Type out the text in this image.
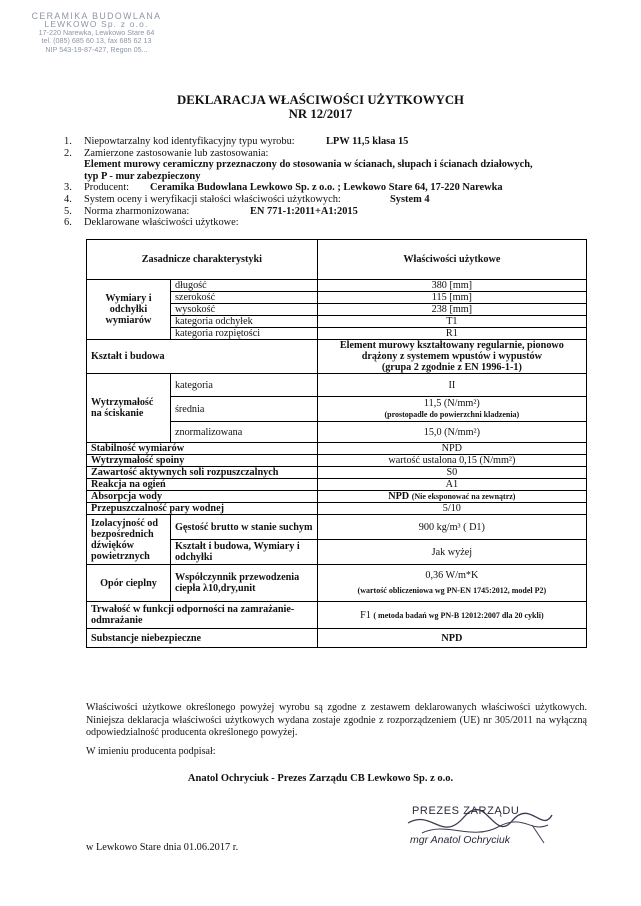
CERAMIKA BUDOWLANA
LEWKOWO Sp. z o.o.
17-220 Narewka, Lewkowo Stare 64
tel. (085) 685 60 13, fax 685 62 13
NIP 543-19-87-427, Regon 05...
DEKLARACJA WŁAŚCIWOŚCI UŻYTKOWYCH
NR 12/2017
1. Niepowtarzalny kod identyfikacyjny typu wyrobu:	LPW 11,5 klasa 15
2. Zamierzone zastosowanie lub zastosowania:
Element murowy ceramiczny przeznaczony do stosowania w ścianach, słupach i ścianach działowych,
typ P - mur zabezpieczony
3. Producent: Ceramika Budowlana Lewkowo Sp. z o.o. ; Lewkowo Stare 64, 17-220 Narewka
4. System oceny i weryfikacji stałości właściwości użytkowych:	System 4
5. Norma zharmonizowana:	EN 771-1:2011+A1:2015
6. Deklarowane właściwości użytkowe:
Zasadnicze charakterystyki		Właściwości użytkowe
Wymiary i odchyłki wymiarów	długość	380 [mm]
	szerokość	115 [mm]
	wysokość	238 [mm]
	kategoria odchyłek	T1
	kategoria rozpiętości	R1
Kształt i budowa		Element murowy kształtowany regularnie, pionowo
drążony z systemem wpustów i wypustów
(grupa 2 zgodnie z EN 1996-1-1)

Wytrzymałość na ściskanie	kategoria	II
	średnia	11,5 (N/mm²)
(prostopadle do powierzchni kladzenia)

	znormalizowana	15,0 (N/mm²)
Stabilność wymiarów		NPD
Wytrzymałość spoiny		wartość ustalona 0,15 (N/mm²)
Zawartość aktywnych soli rozpuszczalnych		S0
Reakcja na ogień		A1
Absorpcja wody		NPD (Nie eksponować na zewnątrz)
Przepuszczalność pary wodnej		5/10
Izolacyjność od bezpośrednich dźwięków powietrznych	Gęstość brutto w stanie suchym	900 kg/m³ ( D1)
	Kształt i budowa, Wymiary i odchyłki	Jak wyżej
Opór cieplny	Współczynnik przewodzenia ciepła λ10,dry,unit	0,36 W/m*K
(wartość obliczeniowa wg PN-EN 1745:2012, model P2)

Trwałość w funkcji odporności na zamrażanie-odmrażanie		F1 ( metoda badań wg PN-B 12012:2007 dla 20 cykli)
Substancje niebezpieczne		NPD
Właściwości użytkowe określonego powyżej wyrobu są zgodne z zestawem deklarowanych właściwości użytkowych. Niniejsza deklaracja właściwości użytkowych wydana zostaje zgodnie z rozporządzeniem (UE) nr 305/2011 na wyłączną odpowiedzialność producenta określonego powyżej.
W imieniu producenta podpisał:
Anatol Ochryciuk - Prezes Zarządu CB Lewkowo Sp. z o.o.
PREZES ZARZĄDU
mgr Anatol Ochryciuk
w Lewkowo Stare dnia 01.06.2017 r.
